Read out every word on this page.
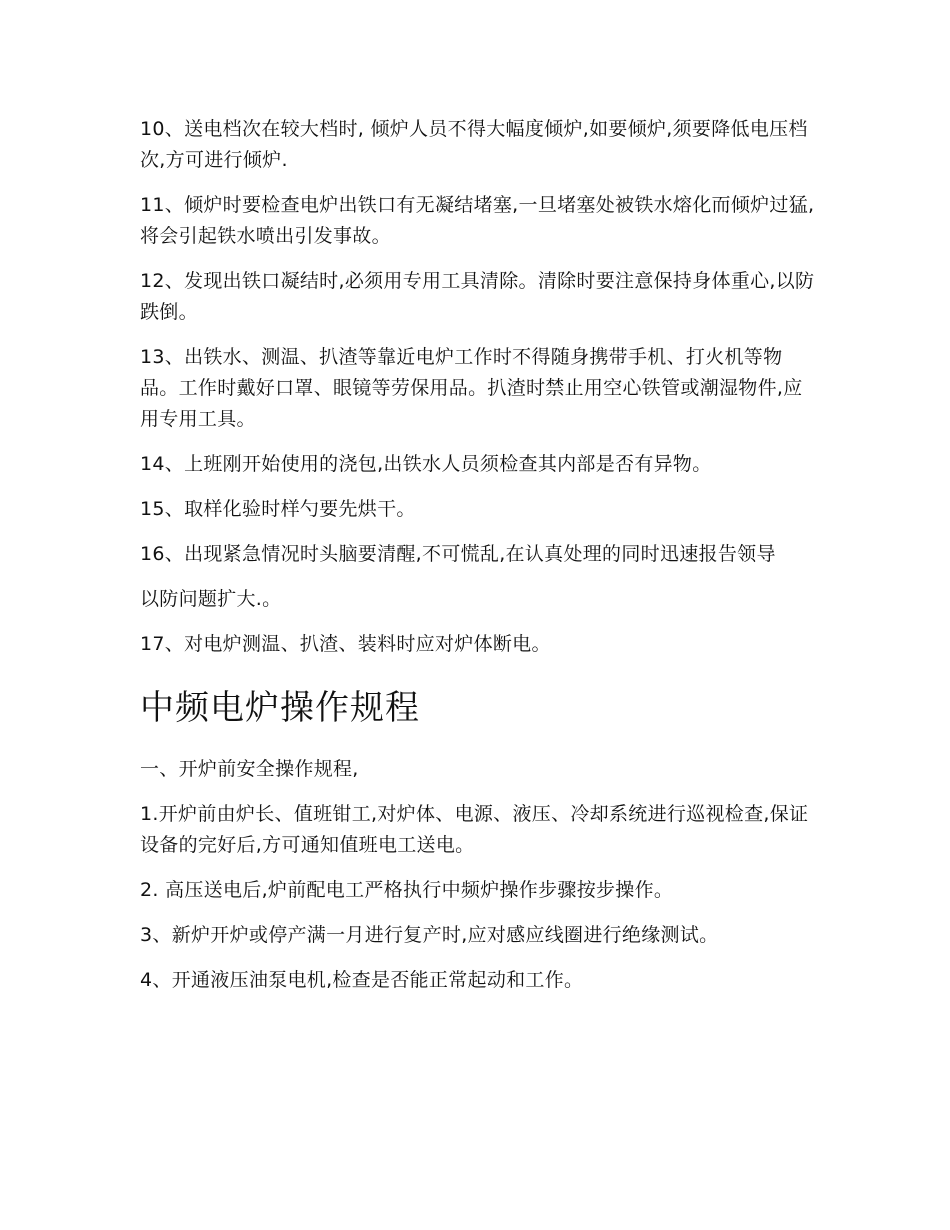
10、送电档次在较大档时, 倾炉人员不得大幅度倾炉,如要倾炉,须要降低电压档次,方可进行倾炉.

11、倾炉时要检查电炉出铁口有无凝结堵塞,一旦堵塞处被铁水熔化而倾炉过猛,将会引起铁水喷出引发事故。

12、发现出铁口凝结时,必须用专用工具清除。清除时要注意保持身体重心,以防跌倒。

13、出铁水、测温、扒渣等靠近电炉工作时不得随身携带手机、打火机等物品。工作时戴好口罩、眼镜等劳保用品。扒渣时禁止用空心铁管或潮湿物件,应用专用工具。

14、上班刚开始使用的浇包,出铁水人员须检查其内部是否有异物。

15、取样化验时样勺要先烘干。

16、出现紧急情况时头脑要清醒,不可慌乱,在认真处理的同时迅速报告领导

以防问题扩大.。

17、对电炉测温、扒渣、装料时应对炉体断电。

中频电炉操作规程

一、开炉前安全操作规程,

1.开炉前由炉长、值班钳工,对炉体、电源、液压、冷却系统进行巡视检查,保证设备的完好后,方可通知值班电工送电。

2. 高压送电后,炉前配电工严格执行中频炉操作步骤按步操作。

3、新炉开炉或停产满一月进行复产时,应对感应线圈进行绝缘测试。

4、开通液压油泵电机,检查是否能正常起动和工作。
